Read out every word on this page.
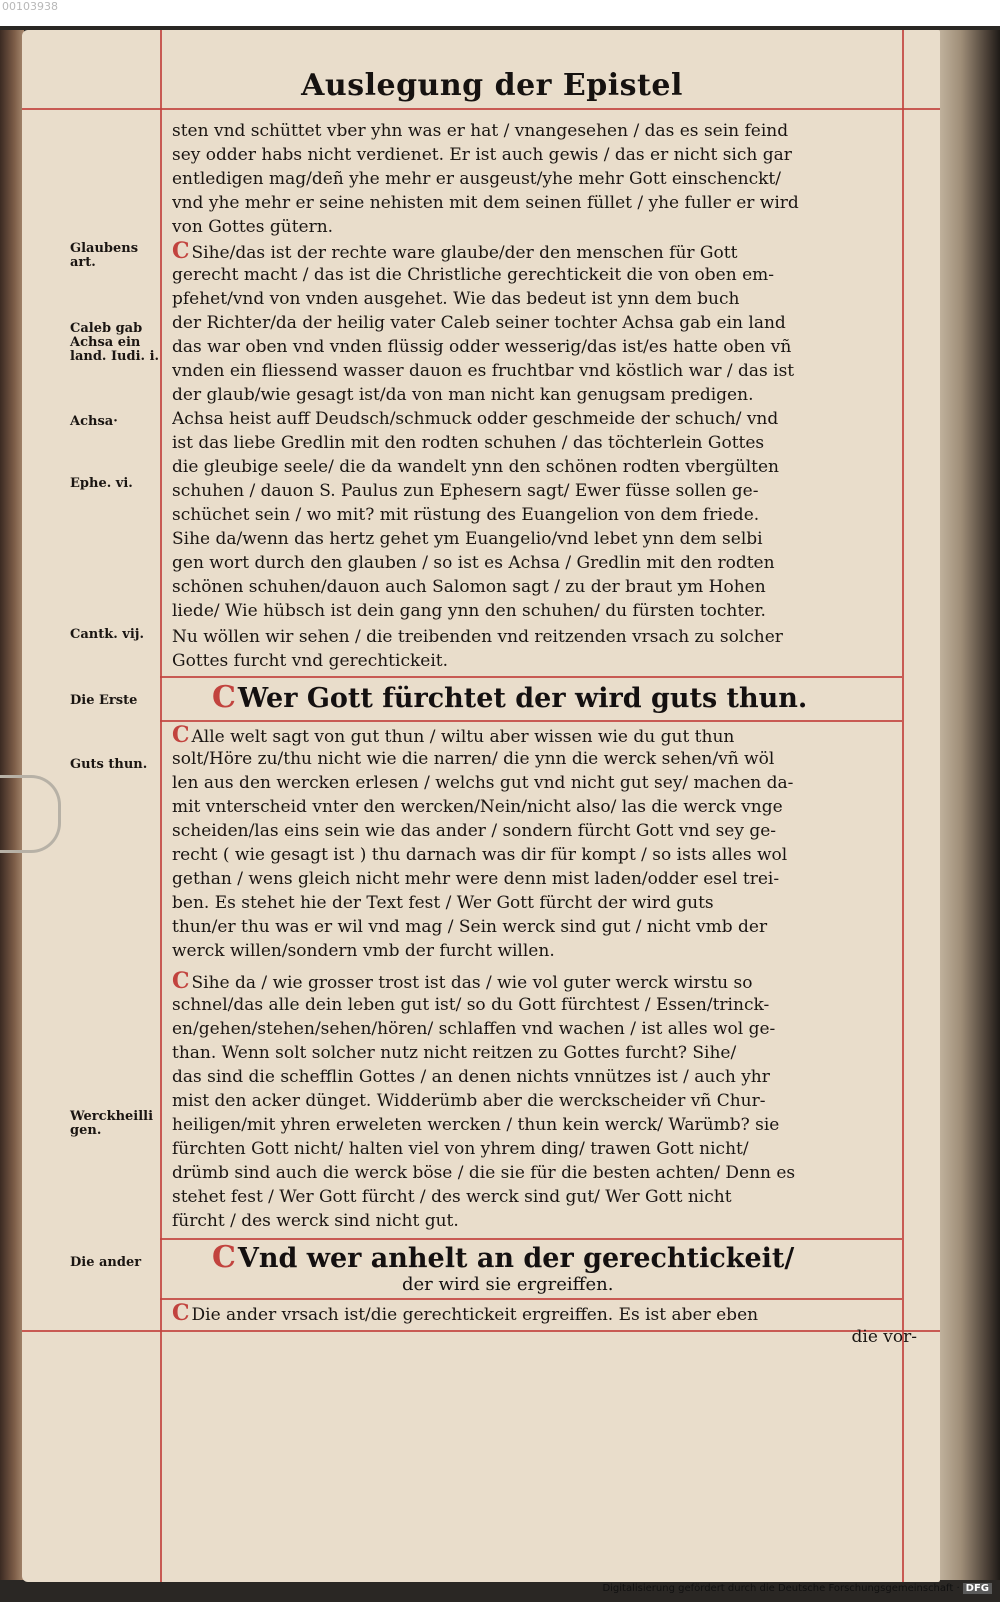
00103938
Auslegung der Epistel
Glaubens art.
Caleb gab Achsa ein land. Iudi. i.
Achsa·
Ephe. vi.
Cantk. vij.
Die Erste
Guts thun.
Werckheilli gen.
Die ander
sten vnd schüttet vber yhn was er hat / vnangesehen / das es sein feind
sey odder habs nicht verdienet. Er ist auch gewis / das er nicht sich gar
entledigen mag/deñ yhe mehr er ausgeust/yhe mehr Gott einschenckt/
vnd yhe mehr er seine nehisten mit dem seinen füllet / yhe fuller er wird
von Gottes gütern.
C Sihe/das ist der rechte ware glaube/der den menschen für Gott
gerecht macht / das ist die Christliche gerechtickeit die von oben em-
pfehet/vnd von vnden ausgehet. Wie das bedeut ist ynn dem buch
der Richter/da der heilig vater Caleb seiner tochter Achsa gab ein land
das war oben vnd vnden flüssig odder wesserig/das ist/es hatte oben vñ
vnden ein fliessend wasser dauon es fruchtbar vnd köstlich war / das ist
der glaub/wie gesagt ist/da von man nicht kan genugsam predigen.
Achsa heist auff Deudsch/schmuck odder geschmeide der schuch/ vnd
ist das liebe Gredlin mit den rodten schuhen / das töchterlein Gottes
die gleubige seele/ die da wandelt ynn den schönen rodten vbergülten
schuhen / dauon S. Paulus zun Ephesern sagt/ Ewer füsse sollen ge-
schüchet sein / wo mit? mit rüstung des Euangelion von dem friede.
Sihe da/wenn das hertz gehet ym Euangelio/vnd lebet ynn dem selbi
gen wort durch den glauben / so ist es Achsa / Gredlin mit den rodten
schönen schuhen/dauon auch Salomon sagt / zu der braut ym Hohen
liede/ Wie hübsch ist dein gang ynn den schuhen/ du fürsten tochter.
Nu wöllen wir sehen / die treibenden vnd reitzenden vrsach zu solcher
Gottes furcht vnd gerechtickeit.
CWer Gott fürchtet der wird guts thun.
C Alle welt sagt von gut thun / wiltu aber wissen wie du gut thun
solt/Höre zu/thu nicht wie die narren/ die ynn die werck sehen/vñ wöl
len aus den wercken erlesen / welchs gut vnd nicht gut sey/ machen da-
mit vnterscheid vnter den wercken/Nein/nicht also/ las die werck vnge
scheiden/las eins sein wie das ander / sondern fürcht Gott vnd sey ge-
recht ( wie gesagt ist ) thu darnach was dir für kompt / so ists alles wol
gethan / wens gleich nicht mehr were denn mist laden/odder esel trei-
ben. Es stehet hie der Text fest / Wer Gott fürcht der wird guts
thun/er thu was er wil vnd mag / Sein werck sind gut / nicht vmb der
werck willen/sondern vmb der furcht willen.
C Sihe da / wie grosser trost ist das / wie vol guter werck wirstu so
schnel/das alle dein leben gut ist/ so du Gott fürchtest / Essen/trinck-
en/gehen/stehen/sehen/hören/ schlaffen vnd wachen / ist alles wol ge-
than. Wenn solt solcher nutz nicht reitzen zu Gottes furcht? Sihe/
das sind die schefflin Gottes / an denen nichts vnnützes ist / auch yhr
mist den acker dünget. Widderümb aber die werckscheider vñ Chur-
heiligen/mit yhren erweleten wercken / thun kein werck/ Warümb? sie
fürchten Gott nicht/ halten viel von yhrem ding/ trawen Gott nicht/
drümb sind auch die werck böse / die sie für die besten achten/ Denn es
stehet fest / Wer Gott fürcht / des werck sind gut/ Wer Gott nicht
fürcht / des werck sind nicht gut.
CVnd wer anhelt an der gerechtickeit/
der wird sie ergreiffen.
C Die ander vrsach ist/die gerechtickeit ergreiffen. Es ist aber eben
die vor-
Digitalisierung gefördert durch die Deutsche Forschungsgemeinschaft · DFG
